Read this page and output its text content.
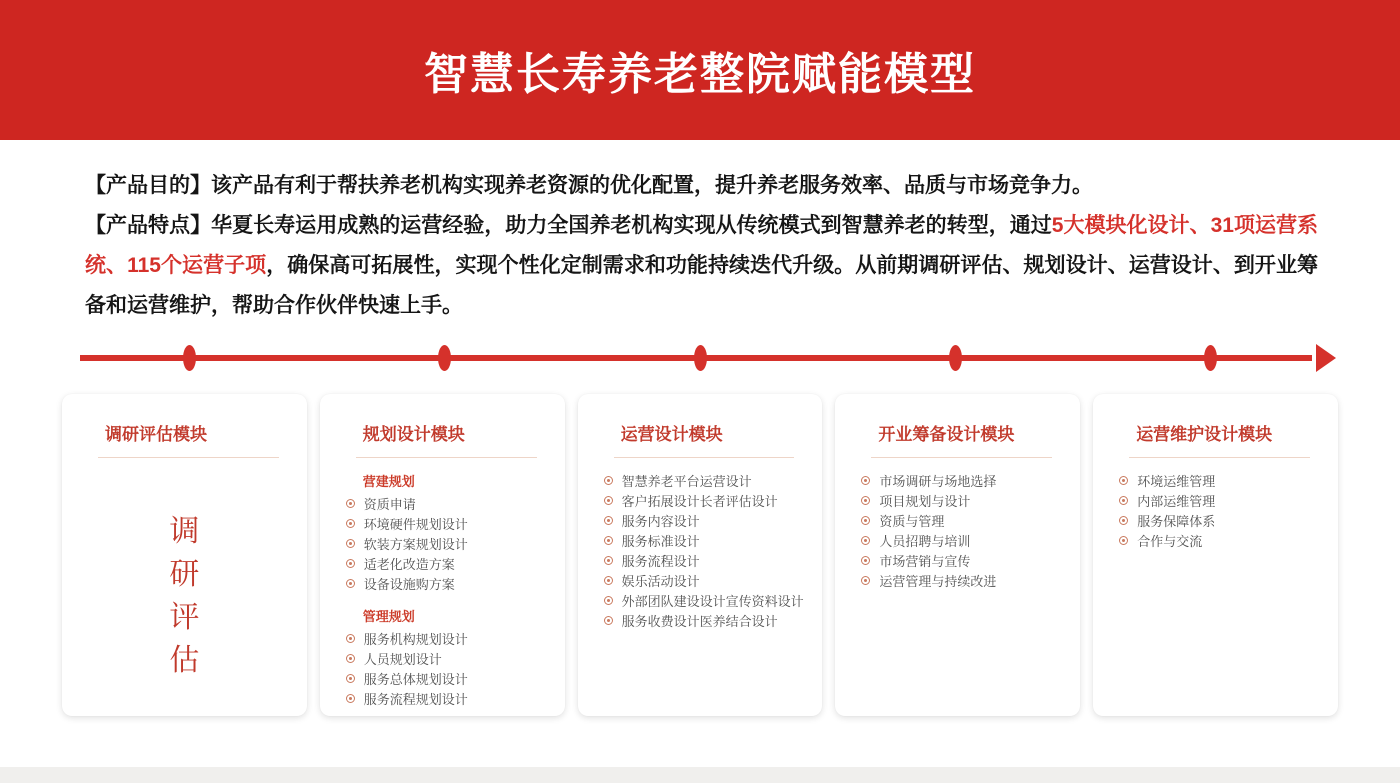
智慧长寿养老整院赋能模型

【产品目的】该产品有利于帮扶养老机构实现养老资源的优化配置，提升养老服务效率、品质与市场竞争力。

【产品特点】华夏长寿运用成熟的运营经验，助力全国养老机构实现从传统模式到智慧养老的转型，通过5大模块化设计、31项运营系统、115个运营子项，确保高可拓展性，实现个性化定制需求和功能持续迭代升级。从前期调研评估、规划设计、运营设计、到开业筹备和运营维护，帮助合作伙伴快速上手。

调研评估模块
调
研
评
估
规划设计模块
营建规划
资质申请
环境硬件规划设计
软装方案规划设计
适老化改造方案
设备设施购方案
管理规划
服务机构规划设计
人员规划设计
服务总体规划设计
服务流程规划设计
运营设计模块
智慧养老平台运营设计
客户拓展设计长者评估设计
服务内容设计
服务标准设计
服务流程设计
娱乐活动设计
外部团队建设设计宣传资料设计
服务收费设计医养结合设计
开业筹备设计模块
市场调研与场地选择
项目规划与设计
资质与管理
人员招聘与培训
市场营销与宣传
运营管理与持续改进
运营维护设计模块
环境运维管理
内部运维管理
服务保障体系
合作与交流
